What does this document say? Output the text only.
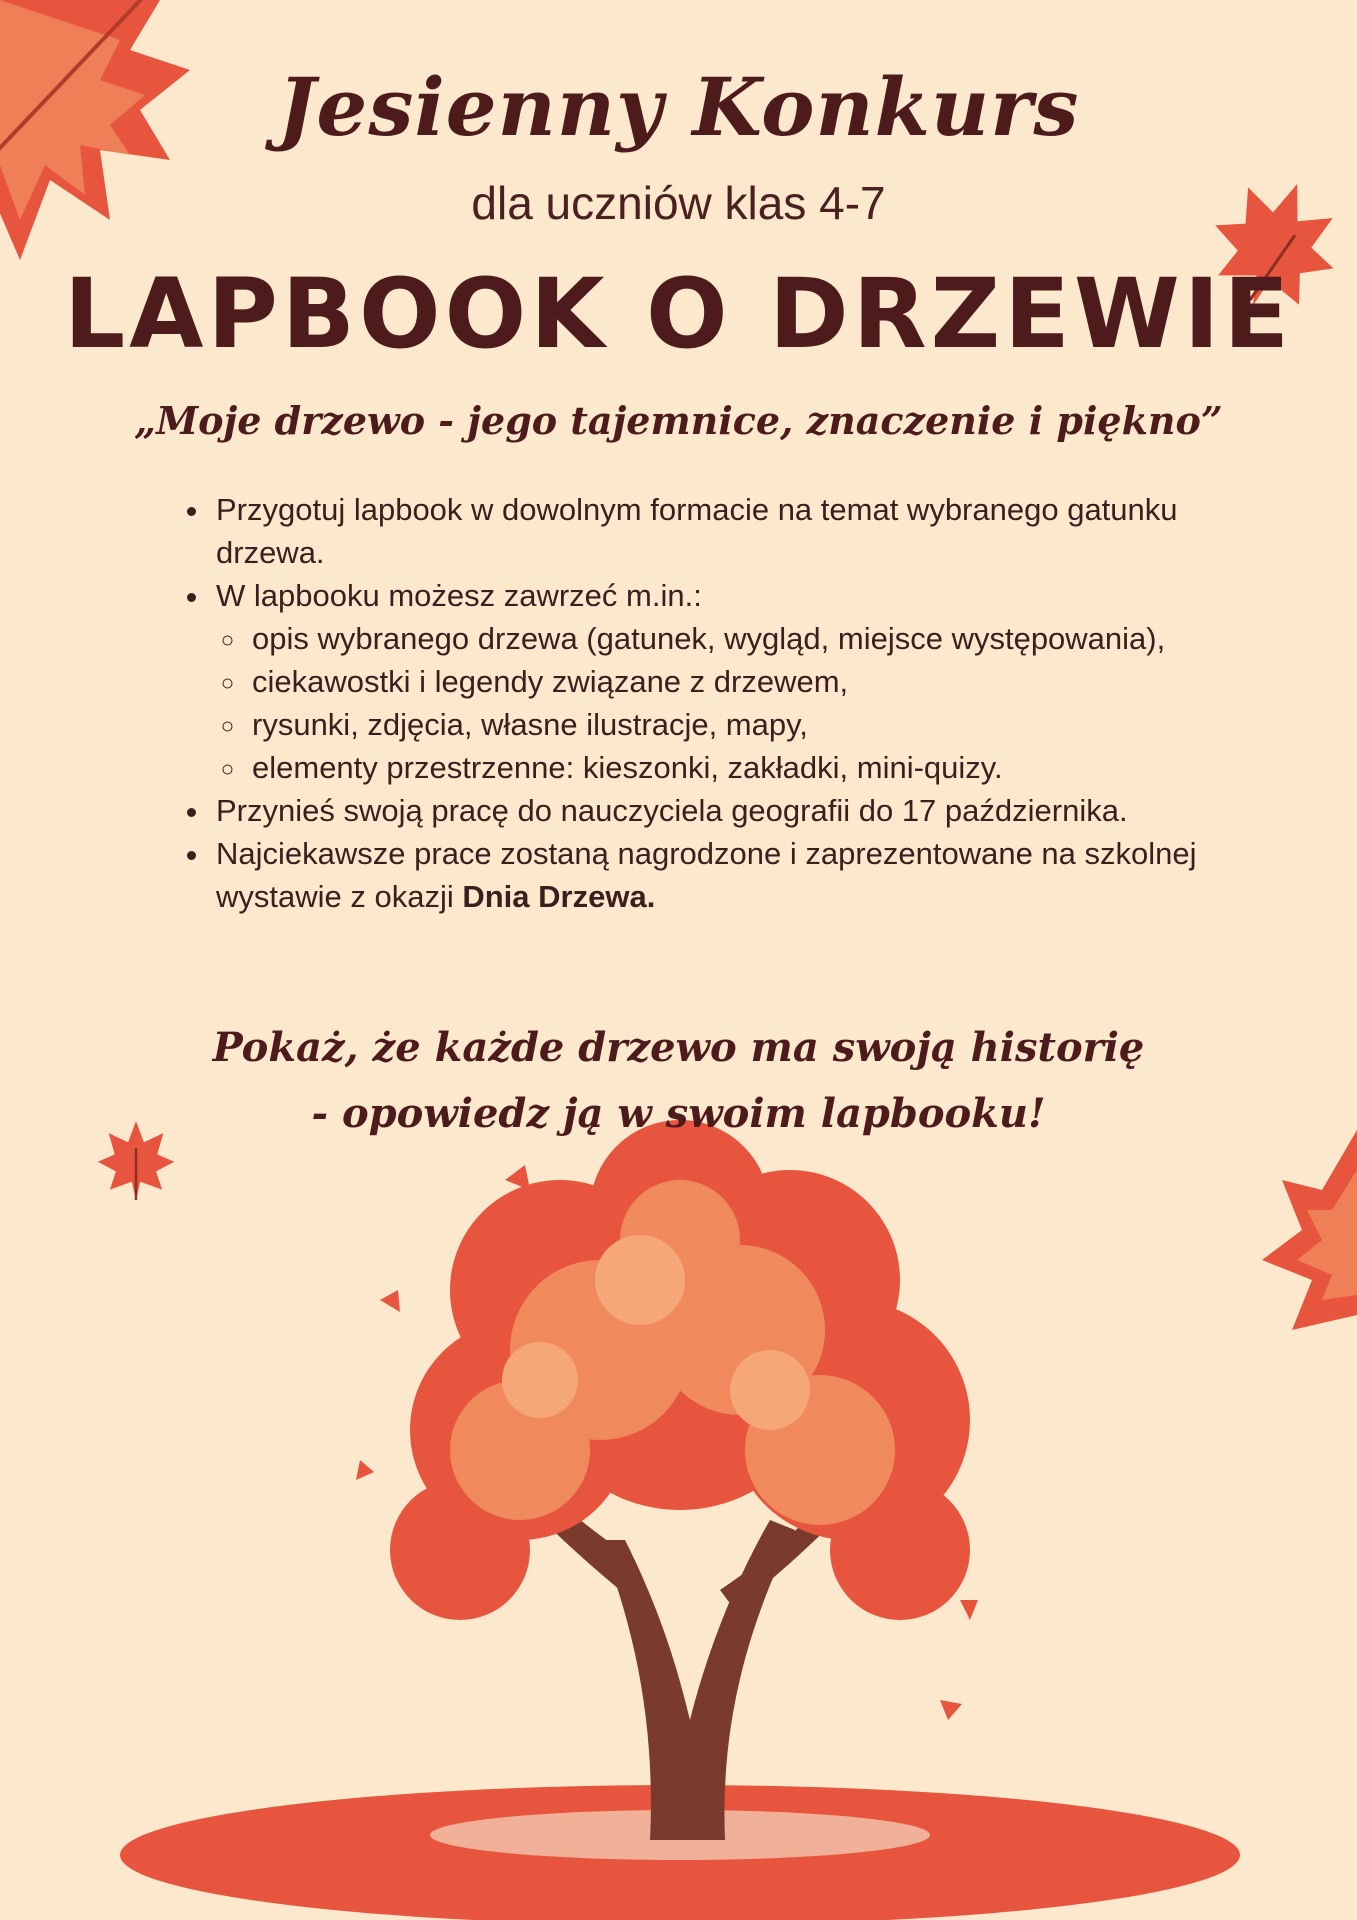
Jesienny Konkurs
dla uczniów klas 4-7
LAPBOOK O DRZEWIE
„Moje drzewo - jego tajemnice, znaczenie i piękno”
• Przygotuj lapbook w dowolnym formacie na temat wybranego gatunku drzewa.
• W lapbooku możesz zawrzeć m.in.:
◦ opis wybranego drzewa (gatunek, wygląd, miejsce występowania),
◦ ciekawostki i legendy związane z drzewem,
◦ rysunki, zdjęcia, własne ilustracje, mapy,
◦ elementy przestrzenne: kieszonki, zakładki, mini-quizy.
• Przynieś swoją pracę do nauczyciela geografii do 17 października.
• Najciekawsze prace zostaną nagrodzone i zaprezentowane na szkolnej wystawie z okazji Dnia Drzewa.
Pokaż, że każde drzewo ma swoją historię
- opowiedz ją w swoim lapbooku!
